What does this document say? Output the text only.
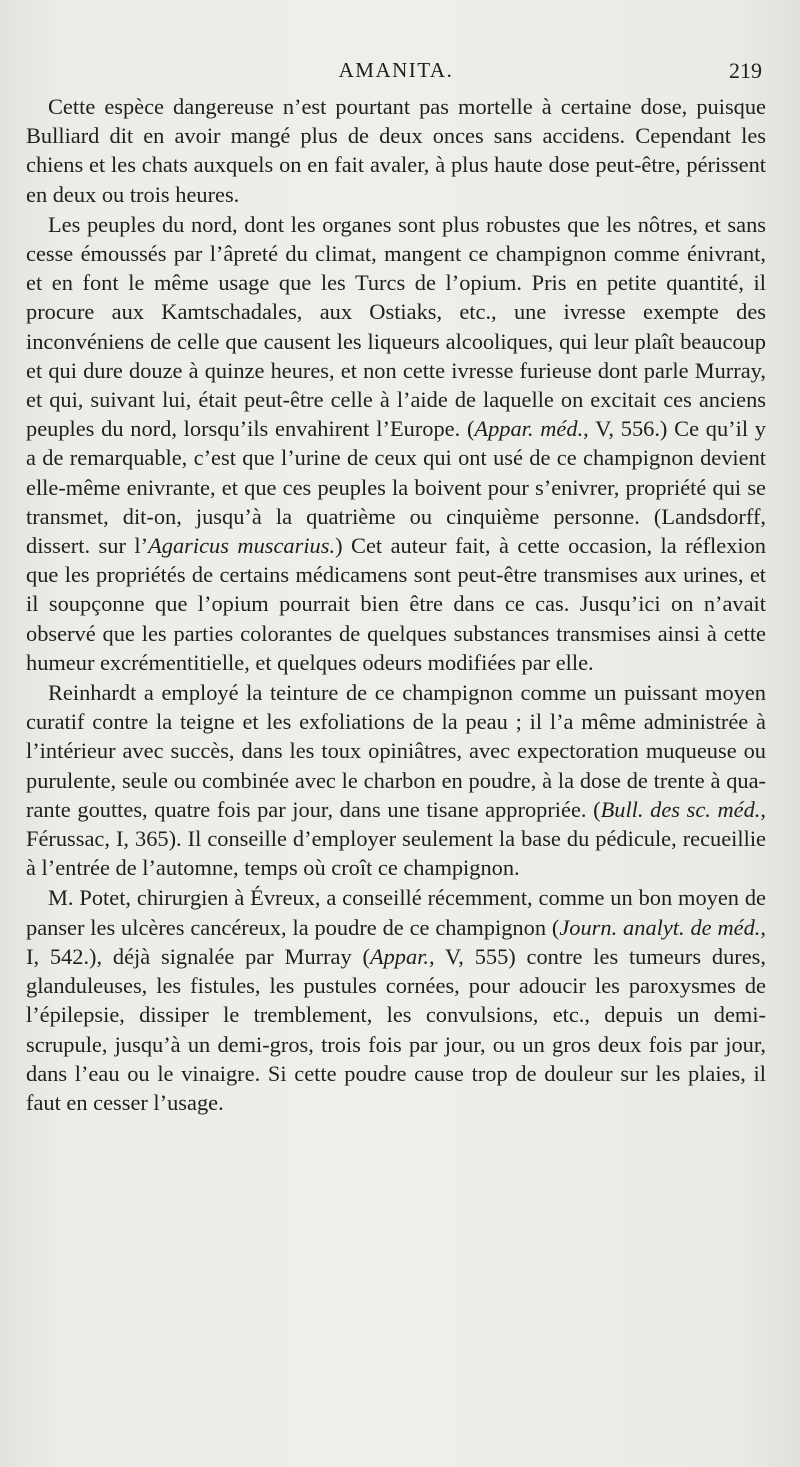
AMANITA.	219

Cette espèce dangereuse n’est pourtant pas mortelle à certaine dose, puisque Bulliard dit en avoir mangé plus de deux onces sans accidens. Cependant les chiens et les chats auxquels on en fait avaler, à plus haute dose peut-être, périssent en deux ou trois heures.

Les peuples du nord, dont les organes sont plus robustes que les nôtres, et sans cesse émoussés par l’âpreté du climat, mangent ce champignon comme énivrant, et en font le même usage que les Turcs de l’opium. Pris en petite quantité, il procure aux Kamtschadales, aux Ostiaks, etc., une ivresse exempte des inconvéniens de celle que causent les liqueurs alcooliques, qui leur plaît beaucoup et qui dure douze à quinze heures, et non cette ivresse furieuse dont parle Murray, et qui, suivant lui, était peut-être celle à l’aide de laquelle on excitait ces anciens peuples du nord, lorsqu’ils envahirent l’Europe. (Appar. méd., V, 556.) Ce qu’il y a de remarquable, c’est que l’urine de ceux qui ont usé de ce champignon devient elle-même enivrante, et que ces peuples la boivent pour s’enivrer, propriété qui se transmet, dit-on, jusqu’à la quatrième ou cinquième personne. (Landsdorff, dissert. sur l’Agaricus muscarius.) Cet auteur fait, à cette occasion, la réflexion que les propriétés de certains médicamens sont peut-être transmises aux urines, et il soupçonne que l’opium pourrait bien être dans ce cas. Jusqu’ici on n’avait observé que les parties colorantes de quelques substances transmises ainsi à cette humeur excrémentitielle, et quelques odeurs modifiées par elle.

Reinhardt a employé la teinture de ce champignon comme un puissant moyen curatif contre la teigne et les exfoliations de la peau ; il l’a même administrée à l’intérieur avec succès, dans les toux opiniâtres, avec expectoration muqueuse ou purulente, seule ou combinée avec le charbon en poudre, à la dose de trente à quarante gouttes, quatre fois par jour, dans une tisane appropriée. (Bull. des sc. méd., Férussac, I, 365). Il conseille d’employer seulement la base du pédicule, recueillie à l’entrée de l’automne, temps où croît ce champignon.

M. Potet, chirurgien à Évreux, a conseillé récemment, comme un bon moyen de panser les ulcères cancéreux, la poudre de ce champignon (Journ. analyt. de méd., I, 542.), déjà signalée par Murray (Appar., V, 555) contre les tumeurs dures, glanduleuses, les fistules, les pustules cornées, pour adoucir les paroxysmes de l’épilepsie, dissiper le tremblement, les convulsions, etc., depuis un demi-scrupule, jusqu’à un demi-gros, trois fois par jour, ou un gros deux fois par jour, dans l’eau ou le vinaigre. Si cette poudre cause trop de douleur sur les plaies, il faut en cesser l’usage.
